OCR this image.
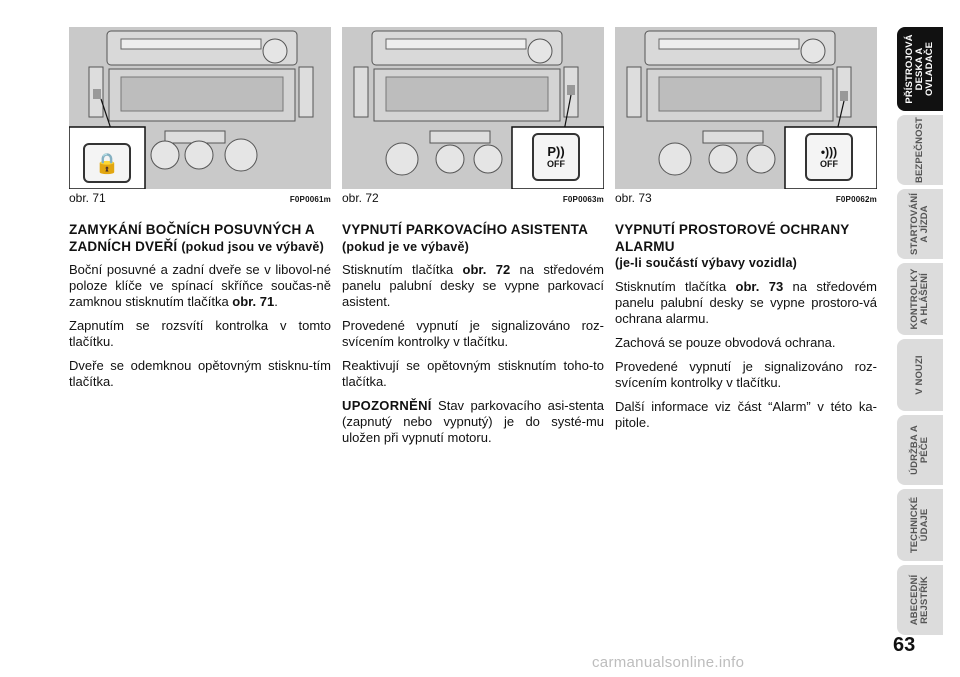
🔒
obr. 71	F0P0061m
P))
OFF
obr. 72	F0P0063m
•)))
OFF
obr. 73	F0P0062m
ZAMYKÁNÍ BOČNÍCH POSUVNÝCH A ZADNÍCH DVEŘÍ (pokud jsou ve výbavě)

Boční posuvné a zadní dveře se v libovol-né poloze klíče ve spínací skříňce součas-ně zamknou stisknutím tlačítka obr. 71.

Zapnutím se rozsvítí kontrolka v tomto tlačítku.

Dveře se odemknou opětovným stisknu-tím tlačítka.

VYPNUTÍ PARKOVACÍHO ASISTENTA (pokud je ve výbavě)

Stisknutím tlačítka obr. 72 na středovém panelu palubní desky se vypne parkovací asistent.

Provedené vypnutí je signalizováno roz-svícením kontrolky v tlačítku.

Reaktivují se opětovným stisknutím toho-to tlačítka.

UPOZORNĚNÍ Stav parkovacího asi-stenta (zapnutý nebo vypnutý) je do systé-mu uložen při vypnutí motoru.

VYPNUTÍ PROSTOROVÉ OCHRANY ALARMU
(je-li součástí výbavy vozidla)

Stisknutím tlačítka obr. 73 na středovém panelu palubní desky se vypne prostoro-vá ochrana alarmu.

Zachová se pouze obvodová ochrana.

Provedené vypnutí je signalizováno roz-svícením kontrolky v tlačítku.

Další informace viz část “Alarm” v této ka-pitole.

PŘÍSTROJOVÁ
DESKA A
OVLADAČE
BEZPEČNOST
STARTOVÁNÍ
A JÍZDA
KONTROLKY
A HLÁŠENÍ
V NOUZI
ÚDRŽBA A
PÉČE
TECHNICKÉ
ÚDAJE
ABECEDNÍ
REJSTŘÍK
63
carmanualsonline.info
